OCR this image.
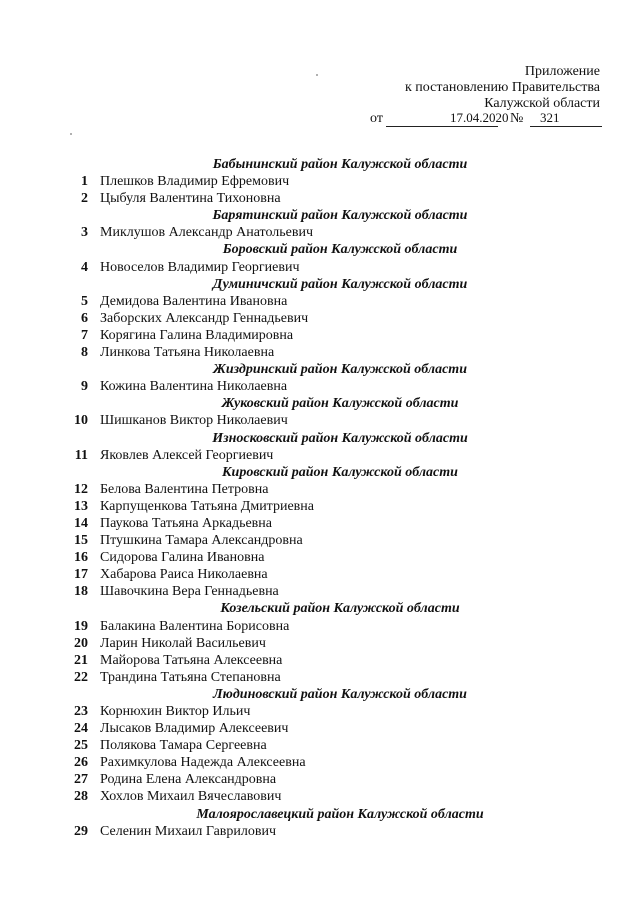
Приложение
к постановлению Правительства
Калужской области
от	17.04.2020 № 321
Бабынинский район Калужской области
1 Плешков Владимир Ефремович
2 Цыбуля Валентина Тихоновна
Барятинский район Калужской области
3 Миклушов Александр Анатольевич
Боровский район Калужской области
4 Новоселов Владимир Георгиевич
Думиничский район Калужской области
5 Демидова Валентина Ивановна
6 Заборских Александр Геннадьевич
7 Корягина Галина Владимировна
8 Линкова Татьяна Николаевна
Жиздринский район Калужской области
9 Кожина Валентина Николаевна
Жуковский район Калужской области
10 Шишканов Виктор Николаевич
Износковский район Калужской области
11 Яковлев Алексей Георгиевич
Кировский район Калужской области
12 Белова Валентина Петровна
13 Карпущенкова Татьяна Дмитриевна
14 Паукова Татьяна Аркадьевна
15 Птушкина Тамара Александровна
16 Сидорова Галина Ивановна
17 Хабарова Раиса Николаевна
18 Шавочкина Вера Геннадьевна
Козельский район Калужской области
19 Балакина Валентина Борисовна
20 Ларин Николай Васильевич
21 Майорова Татьяна Алексеевна
22 Трандина Татьяна Степановна
Людиновский район Калужской области
23 Корнюхин Виктор Ильич
24 Лысаков Владимир Алексеевич
25 Полякова Тамара Сергеевна
26 Рахимкулова Надежда Алексеевна
27 Родина Елена Александровна
28 Хохлов Михаил Вячеславович
Малоярославецкий район Калужской области
29 Селенин Михаил Гаврилович
